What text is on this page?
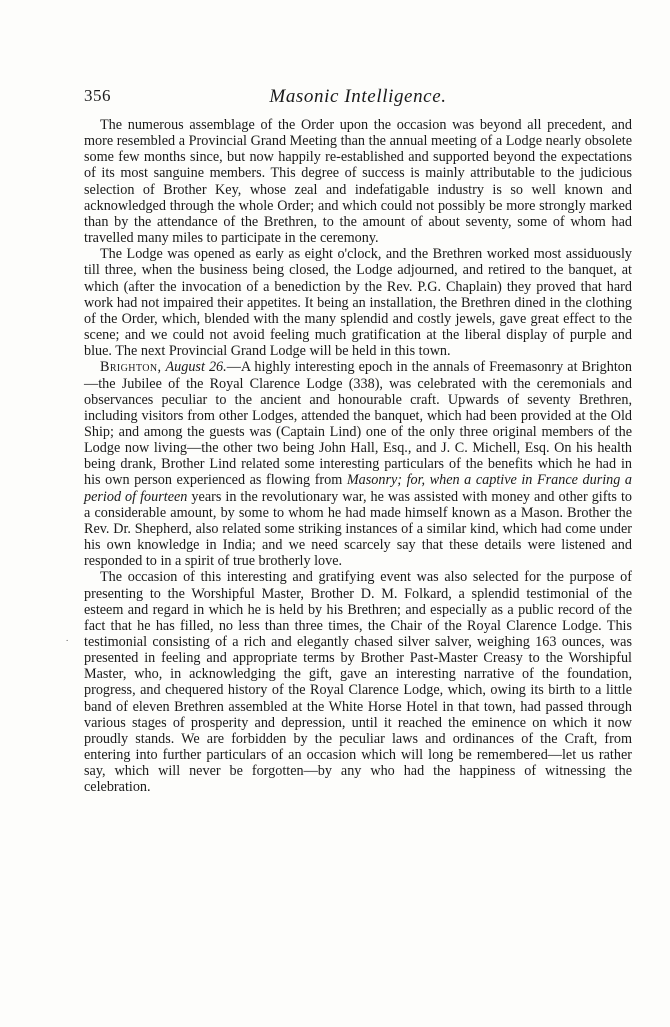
356	Masonic Intelligence.
.

The numerous assemblage of the Order upon the occasion was beyond all precedent, and more resembled a Provincial Grand Meeting than the annual meeting of a Lodge nearly obsolete some few months since, but now happily re-established and supported beyond the expectations of its most sanguine members. This degree of success is mainly attributable to the judicious selection of Brother Key, whose zeal and indefatigable industry is so well known and acknowledged through the whole Order; and which could not possibly be more strongly marked than by the attendance of the Brethren, to the amount of about seventy, some of whom had travelled many miles to participate in the ceremony.

The Lodge was opened as early as eight o'clock, and the Brethren worked most assiduously till three, when the business being closed, the Lodge adjourned, and retired to the banquet, at which (after the invocation of a benediction by the Rev. P.G. Chaplain) they proved that hard work had not impaired their appetites. It being an installation, the Brethren dined in the clothing of the Order, which, blended with the many splendid and costly jewels, gave great effect to the scene; and we could not avoid feeling much gratification at the liberal display of purple and blue. The next Provincial Grand Lodge will be held in this town.

Brighton, August 26.—A highly interesting epoch in the annals of Freemasonry at Brighton—the Jubilee of the Royal Clarence Lodge (338), was celebrated with the ceremonials and observances peculiar to the ancient and honourable craft. Upwards of seventy Brethren, including visitors from other Lodges, attended the banquet, which had been provided at the Old Ship; and among the guests was (Captain Lind) one of the only three original members of the Lodge now living—the other two being John Hall, Esq., and J. C. Michell, Esq. On his health being drank, Brother Lind related some interesting particulars of the benefits which he had in his own person experienced as flowing from Masonry; for, when a captive in France during a period of fourteen years in the revolutionary war, he was assisted with money and other gifts to a considerable amount, by some to whom he had made himself known as a Mason. Brother the Rev. Dr. Shepherd, also related some striking instances of a similar kind, which had come under his own knowledge in India; and we need scarcely say that these details were listened and responded to in a spirit of true brotherly love.

The occasion of this interesting and gratifying event was also selected for the purpose of presenting to the Worshipful Master, Brother D. M. Folkard, a splendid testimonial of the esteem and regard in which he is held by his Brethren; and especially as a public record of the fact that he has filled, no less than three times, the Chair of the Royal Clarence Lodge. This testimonial consisting of a rich and elegantly chased silver salver, weighing 163 ounces, was presented in feeling and appropriate terms by Brother Past-Master Creasy to the Worshipful Master, who, in acknowledging the gift, gave an interesting narrative of the foundation, progress, and chequered history of the Royal Clarence Lodge, which, owing its birth to a little band of eleven Brethren assembled at the White Horse Hotel in that town, had passed through various stages of prosperity and depression, until it reached the eminence on which it now proudly stands. We are forbidden by the peculiar laws and ordinances of the Craft, from entering into further particulars of an occasion which will long be remembered—let us rather say, which will never be forgotten—by any who had the happiness of witnessing the celebration.
